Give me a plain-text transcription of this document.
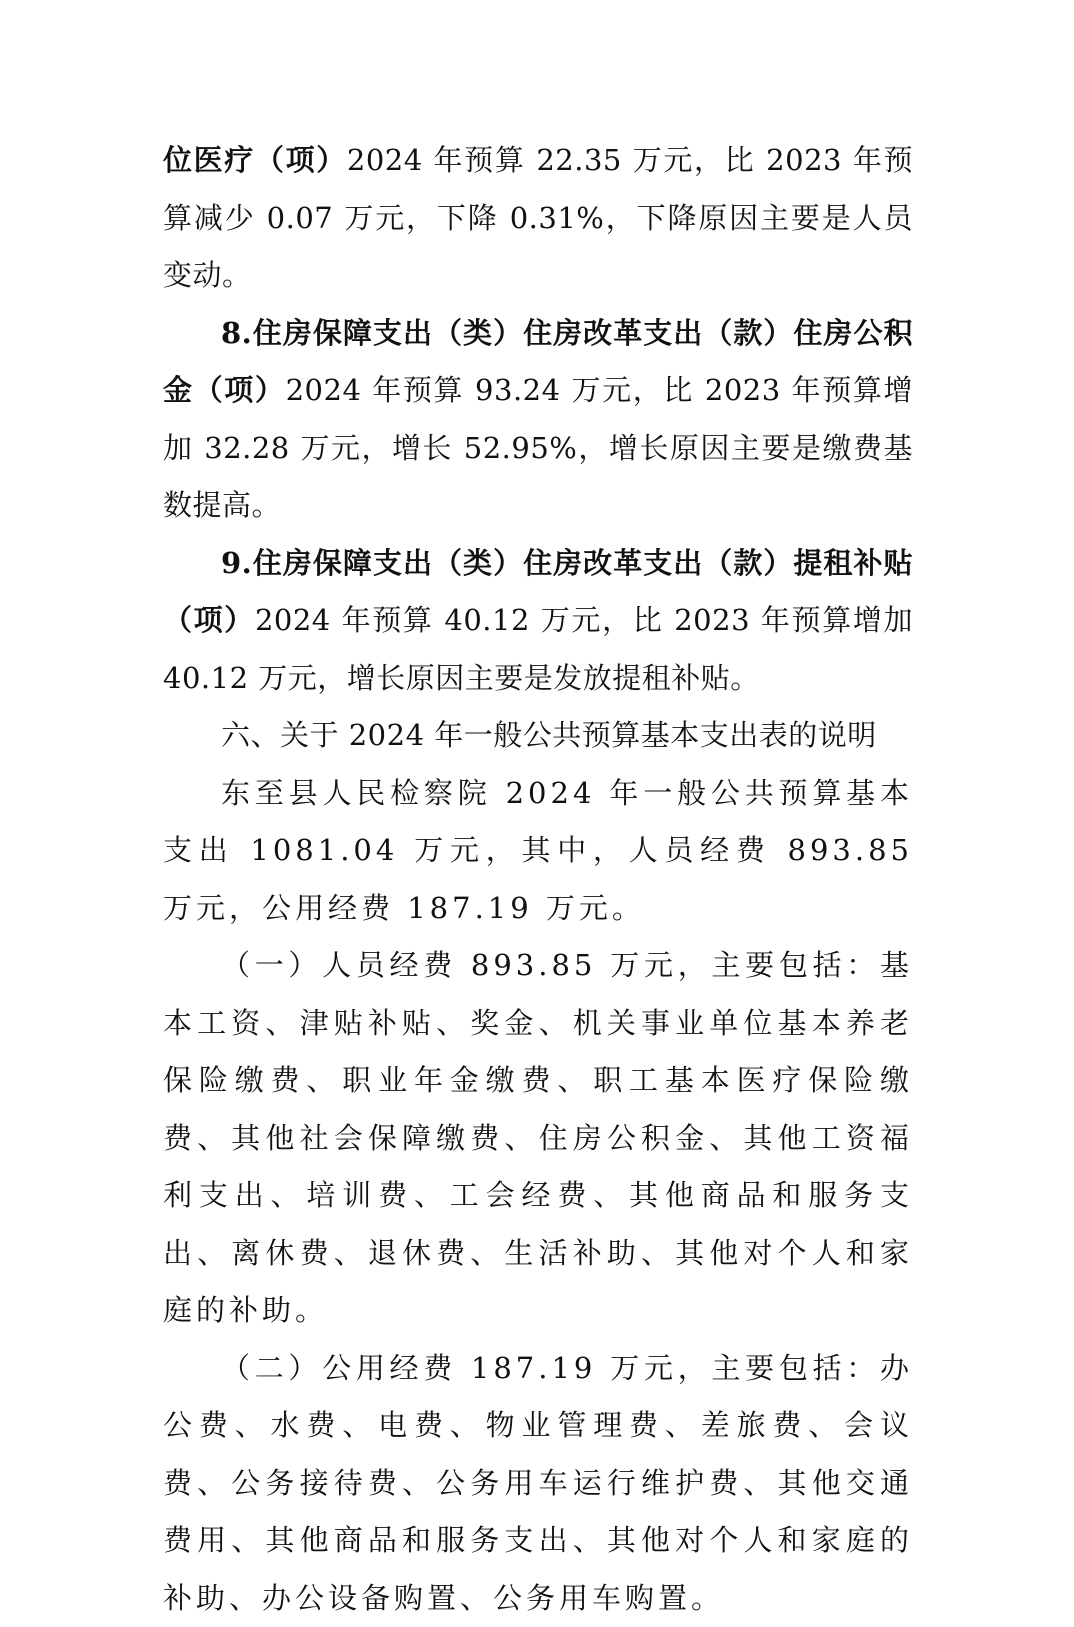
位医疗（项）2024 年预算 22.35 万元，比 2023 年预算减少 0.07 万元，下降 0.31%，下降原因主要是人员变动。

8.住房保障支出（类）住房改革支出（款）住房公积金（项）2024 年预算 93.24 万元，比 2023 年预算增加 32.28 万元，增长 52.95%，增长原因主要是缴费基数提高。

9.住房保障支出（类）住房改革支出（款）提租补贴（项）2024 年预算 40.12 万元，比 2023 年预算增加 40.12 万元，增长原因主要是发放提租补贴。

六、关于 2024 年一般公共预算基本支出表的说明

东至县人民检察院 2024 年一般公共预算基本支出 1081.04 万元，其中，人员经费 893.85 万元，公用经费 187.19 万元。

（一）人员经费 893.85 万元，主要包括：基本工资、津贴补贴、奖金、机关事业单位基本养老保险缴费、职业年金缴费、职工基本医疗保险缴费、其他社会保障缴费、住房公积金、其他工资福利支出、培训费、工会经费、其他商品和服务支出、离休费、退休费、生活补助、其他对个人和家庭的补助。

（二）公用经费 187.19 万元，主要包括：办公费、水费、电费、物业管理费、差旅费、会议费、公务接待费、公务用车运行维护费、其他交通费用、其他商品和服务支出、其他对个人和家庭的补助、办公设备购置、公务用车购置。
